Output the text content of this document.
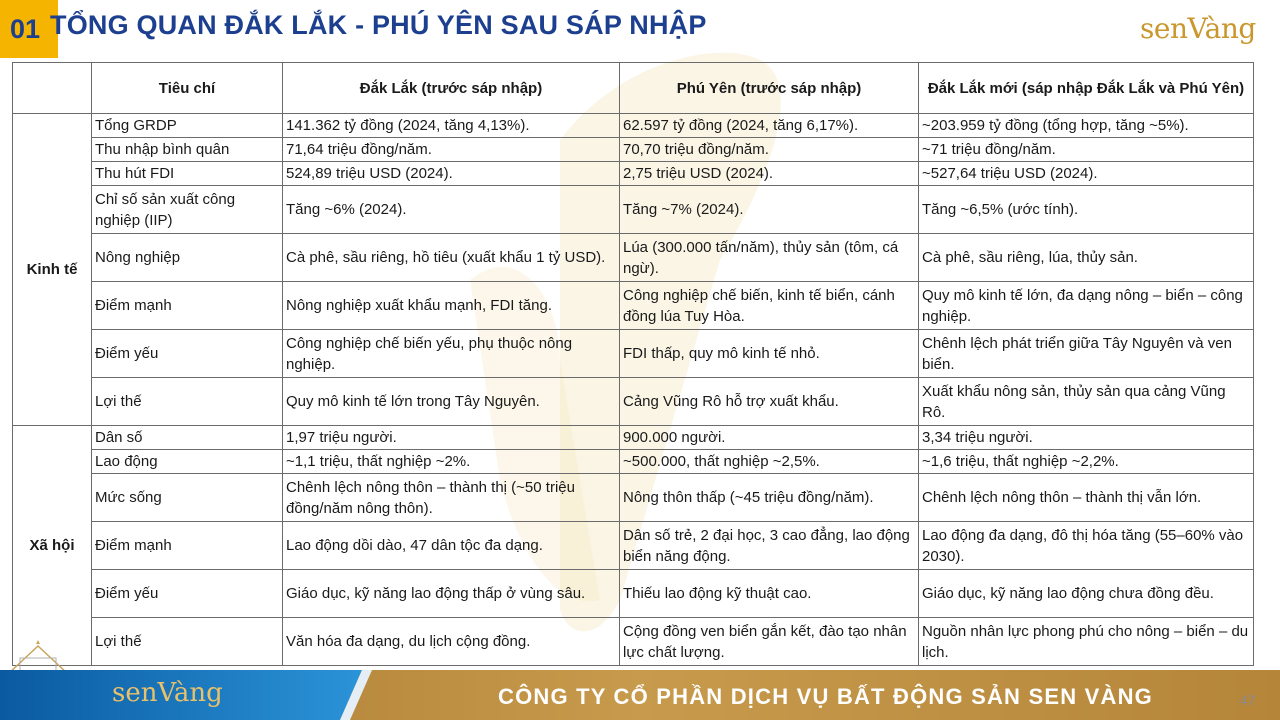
01 TỔNG QUAN ĐẮK LẮK - PHÚ YÊN SAU SÁP NHẬP	senVàng
	Tiêu chí	Đắk Lắk (trước sáp nhập)	Phú Yên (trước sáp nhập)	Đắk Lắk mới (sáp nhập Đắk Lắk và Phú Yên)
Kinh tế	Tổng GRDP	141.362 tỷ đồng (2024, tăng 4,13%).	62.597 tỷ đồng (2024, tăng 6,17%).	~203.959 tỷ đồng (tổng hợp, tăng ~5%).
	Thu nhập bình quân	71,64 triệu đồng/năm.	70,70 triệu đồng/năm.	~71 triệu đồng/năm.
	Thu hút FDI	524,89 triệu USD (2024).	2,75 triệu USD (2024).	~527,64 triệu USD (2024).
	Chỉ số sản xuất công nghiệp (IIP)	Tăng ~6% (2024).	Tăng ~7% (2024).	Tăng ~6,5% (ước tính).
	Nông nghiệp	Cà phê, sầu riêng, hồ tiêu (xuất khẩu 1 tỷ USD).	Lúa (300.000 tấn/năm), thủy sản (tôm, cá ngừ).	Cà phê, sầu riêng, lúa, thủy sản.
	Điểm mạnh	Nông nghiệp xuất khẩu mạnh, FDI tăng.	Công nghiệp chế biến, kinh tế biển, cánh đồng lúa Tuy Hòa.	Quy mô kinh tế lớn, đa dạng nông – biển – công nghiệp.
	Điểm yếu	Công nghiệp chế biến yếu, phụ thuộc nông nghiệp.	FDI thấp, quy mô kinh tế nhỏ.	Chênh lệch phát triển giữa Tây Nguyên và ven biển.
	Lợi thế	Quy mô kinh tế lớn trong Tây Nguyên.	Cảng Vũng Rô hỗ trợ xuất khẩu.	Xuất khẩu nông sản, thủy sản qua cảng Vũng Rô.
Xã hội	Dân số	1,97 triệu người.	900.000 người.	3,34 triệu người.
	Lao động	~1,1 triệu, thất nghiệp ~2%.	~500.000, thất nghiệp ~2,5%.	~1,6 triệu, thất nghiệp ~2,2%.
	Mức sống	Chênh lệch nông thôn – thành thị (~50 triệu đồng/năm nông thôn).	Nông thôn thấp (~45 triệu đồng/năm).	Chênh lệch nông thôn – thành thị vẫn lớn.
	Điểm mạnh	Lao động dồi dào, 47 dân tộc đa dạng.	Dân số trẻ, 2 đại học, 3 cao đẳng, lao động biển năng động.	Lao động đa dạng, đô thị hóa tăng (55–60% vào 2030).
	Điểm yếu	Giáo dục, kỹ năng lao động thấp ở vùng sâu.	Thiếu lao động kỹ thuật cao.	Giáo dục, kỹ năng lao động chưa đồng đều.
	Lợi thế	Văn hóa đa dạng, du lịch cộng đồng.	Cộng đồng ven biển gắn kết, đào tạo nhân lực chất lượng.	Nguồn nhân lực phong phú cho nông – biển – du lịch.
senVàng	CÔNG TY CỔ PHẦN DỊCH VỤ BẤT ĐỘNG SẢN SEN VÀNG	47
